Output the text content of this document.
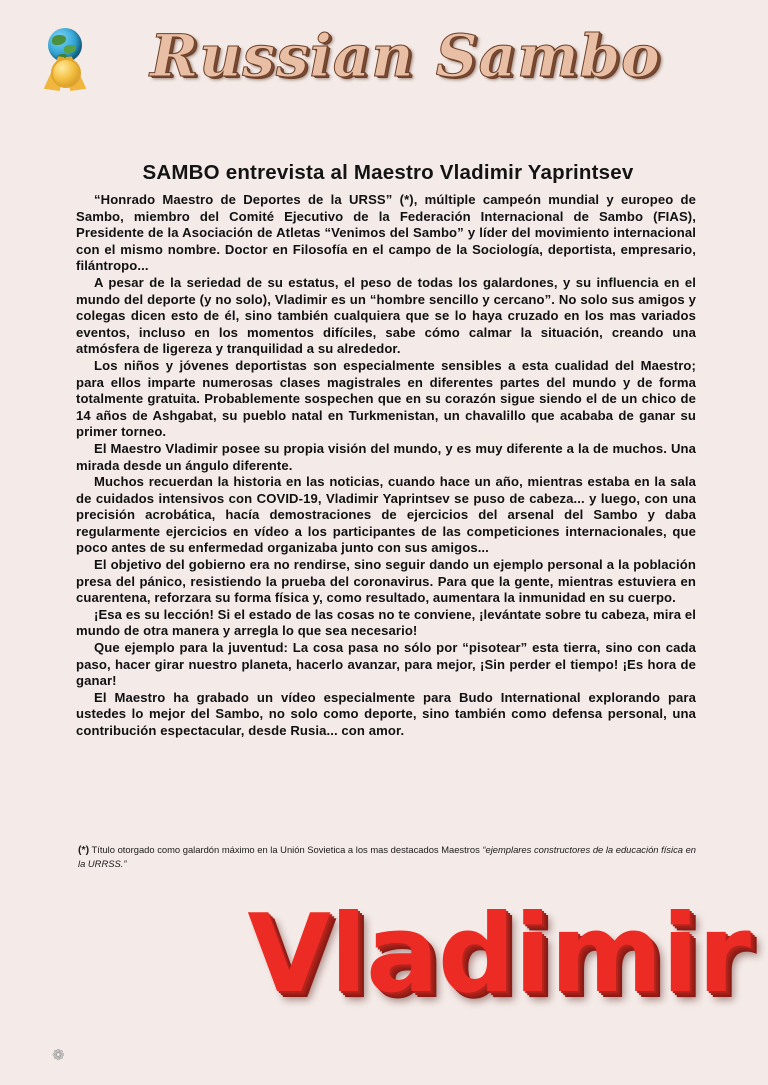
Russian Sambo
SAMBO entrevista al Maestro Vladimir Yaprintsev

“Honrado Maestro de Deportes de la URSS” (*), múltiple campeón mundial y europeo de Sambo, miembro del Comité Ejecutivo de la Federación Internacional de Sambo (FIAS), Presidente de la Asociación de Atletas “Venimos del Sambo” y líder del movimiento internacional con el mismo nombre. Doctor en Filosofía en el campo de la Sociología, deportista, empresario, filántropo...

A pesar de la seriedad de su estatus, el peso de todas los galardones, y su influencia en el mundo del deporte (y no solo), Vladimir es un “hombre sencillo y cercano”. No solo sus amigos y colegas dicen esto de él, sino también cualquiera que se lo haya cruzado en los mas variados eventos, incluso en los momentos difíciles, sabe cómo calmar la situación, creando una atmósfera de ligereza y tranquilidad a su alrededor.

Los niños y jóvenes deportistas son especialmente sensibles a esta cualidad del Maestro; para ellos imparte numerosas clases magistrales en diferentes partes del mundo y de forma totalmente gratuita. Probablemente sospechen que en su corazón sigue siendo el de un chico de 14 años de Ashgabat, su pueblo natal en Turkmenistan, un chavalillo que acababa de ganar su primer torneo.

El Maestro Vladimir posee su propia visión del mundo, y es muy diferente a la de muchos. Una mirada desde un ángulo diferente.

Muchos recuerdan la historia en las noticias, cuando hace un año, mientras estaba en la sala de cuidados intensivos con COVID-19, Vladimir Yaprintsev se puso de cabeza... y luego, con una precisión acrobática, hacía demostraciones de ejercicios del arsenal del Sambo y daba regularmente ejercicios en vídeo a los participantes de las competiciones internacionales, que poco antes de su enfermedad organizaba junto con sus amigos...

El objetivo del gobierno era no rendirse, sino seguir dando un ejemplo personal a la población presa del pánico, resistiendo la prueba del coronavirus. Para que la gente, mientras estuviera en cuarentena, reforzara su forma física y, como resultado, aumentara la inmunidad en su cuerpo.

¡Esa es su lección! Si el estado de las cosas no te conviene, ¡levántate sobre tu cabeza, mira el mundo de otra manera y arregla lo que sea necesario!

Que ejemplo para la juventud: La cosa pasa no sólo por “pisotear” esta tierra, sino con cada paso, hacer girar nuestro planeta, hacerlo avanzar, para mejor, ¡Sin perder el tiempo! ¡Es hora de ganar!

El Maestro ha grabado un vídeo especialmente para Budo International explorando para ustedes lo mejor del Sambo, no solo como deporte, sino también como defensa personal, una contribución espectacular, desde Rusia... con amor.

(*) Título otorgado como galardón máximo en la Unión Sovietica a los mas destacados Maestros “ejemplares constructores de la educación física en la URRSS.”
Vladimir
❁
